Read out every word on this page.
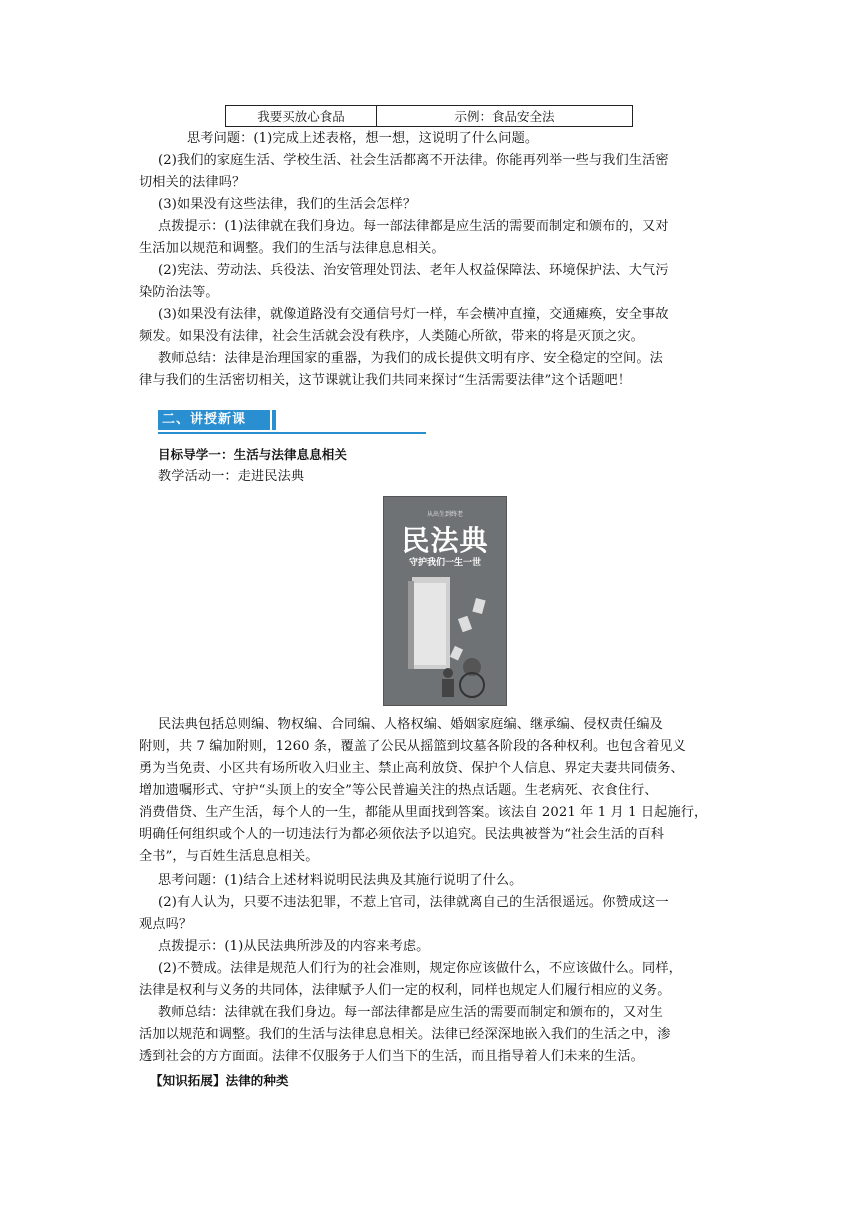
我要买放心食品	示例：食品安全法
思考问题：(1)完成上述表格，想一想，这说明了什么问题。
(2)我们的家庭生活、学校生活、社会生活都离不开法律。你能再列举一些与我们生活密
切相关的法律吗？
(3)如果没有这些法律，我们的生活会怎样？
点拨提示：(1)法律就在我们身边。每一部法律都是应生活的需要而制定和颁布的，又对
生活加以规范和调整。我们的生活与法律息息相关。
(2)宪法、劳动法、兵役法、治安管理处罚法、老年人权益保障法、环境保护法、大气污
染防治法等。
(3)如果没有法律，就像道路没有交通信号灯一样，车会横冲直撞，交通瘫痪，安全事故
频发。如果没有法律，社会生活就会没有秩序，人类随心所欲，带来的将是灭顶之灾。
教师总结：法律是治理国家的重器，为我们的成长提供文明有序、安全稳定的空间。法
律与我们的生活密切相关，这节课就让我们共同来探讨“生活需要法律”这个话题吧！
二、讲授新课
目标导学一：生活与法律息息相关
教学活动一：走进民法典
从出生到终老
民法典
守护我们一生一世
民法典包括总则编、物权编、合同编、人格权编、婚姻家庭编、继承编、侵权责任编及
附则，共 7 编加附则，1260 条，覆盖了公民从摇篮到坟墓各阶段的各种权利。也包含着见义
勇为当免责、小区共有场所收入归业主、禁止高利放贷、保护个人信息、界定夫妻共同债务、
增加遗嘱形式、守护“头顶上的安全”等公民普遍关注的热点话题。生老病死、衣食住行、
消费借贷、生产生活，每个人的一生，都能从里面找到答案。该法自 2021 年 1 月 1 日起施行，
明确任何组织或个人的一切违法行为都必须依法予以追究。民法典被誉为“社会生活的百科
全书”，与百姓生活息息相关。
思考问题：(1)结合上述材料说明民法典及其施行说明了什么。
(2)有人认为，只要不违法犯罪，不惹上官司，法律就离自己的生活很遥远。你赞成这一
观点吗？
点拨提示：(1)从民法典所涉及的内容来考虑。
(2)不赞成。法律是规范人们行为的社会准则，规定你应该做什么，不应该做什么。同样，
法律是权利与义务的共同体，法律赋予人们一定的权利，同样也规定人们履行相应的义务。
教师总结：法律就在我们身边。每一部法律都是应生活的需要而制定和颁布的，又对生
活加以规范和调整。我们的生活与法律息息相关。法律已经深深地嵌入我们的生活之中，渗
透到社会的方方面面。法律不仅服务于人们当下的生活，而且指导着人们未来的生活。
【知识拓展】法律的种类
